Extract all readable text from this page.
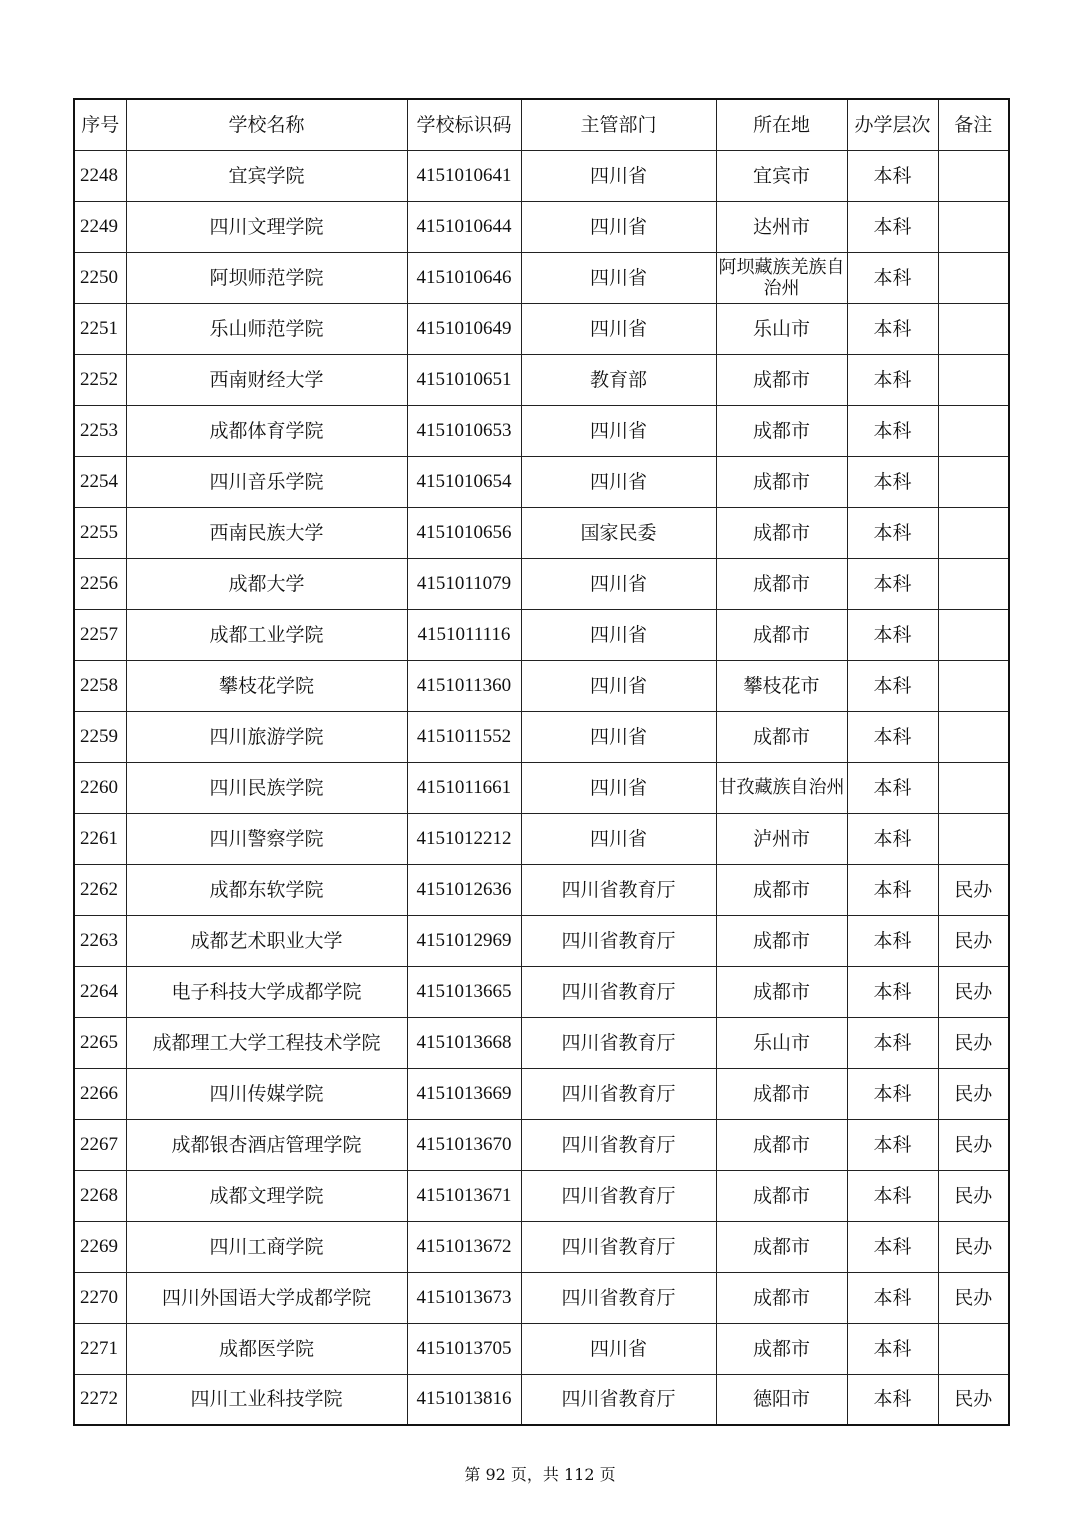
序号	学校名称	学校标识码	主管部门	所在地	办学层次	备注
2248	宜宾学院	4151010641	四川省	宜宾市	本科	
2249	四川文理学院	4151010644	四川省	达州市	本科	
2250	阿坝师范学院	4151010646	四川省	阿坝藏族羌族自治州	本科	
2251	乐山师范学院	4151010649	四川省	乐山市	本科	
2252	西南财经大学	4151010651	教育部	成都市	本科	
2253	成都体育学院	4151010653	四川省	成都市	本科	
2254	四川音乐学院	4151010654	四川省	成都市	本科	
2255	西南民族大学	4151010656	国家民委	成都市	本科	
2256	成都大学	4151011079	四川省	成都市	本科	
2257	成都工业学院	4151011116	四川省	成都市	本科	
2258	攀枝花学院	4151011360	四川省	攀枝花市	本科	
2259	四川旅游学院	4151011552	四川省	成都市	本科	
2260	四川民族学院	4151011661	四川省	甘孜藏族自治州	本科	
2261	四川警察学院	4151012212	四川省	泸州市	本科	
2262	成都东软学院	4151012636	四川省教育厅	成都市	本科	民办
2263	成都艺术职业大学	4151012969	四川省教育厅	成都市	本科	民办
2264	电子科技大学成都学院	4151013665	四川省教育厅	成都市	本科	民办
2265	成都理工大学工程技术学院	4151013668	四川省教育厅	乐山市	本科	民办
2266	四川传媒学院	4151013669	四川省教育厅	成都市	本科	民办
2267	成都银杏酒店管理学院	4151013670	四川省教育厅	成都市	本科	民办
2268	成都文理学院	4151013671	四川省教育厅	成都市	本科	民办
2269	四川工商学院	4151013672	四川省教育厅	成都市	本科	民办
2270	四川外国语大学成都学院	4151013673	四川省教育厅	成都市	本科	民办
2271	成都医学院	4151013705	四川省	成都市	本科	
2272	四川工业科技学院	4151013816	四川省教育厅	德阳市	本科	民办
第 92 页，共 112 页
